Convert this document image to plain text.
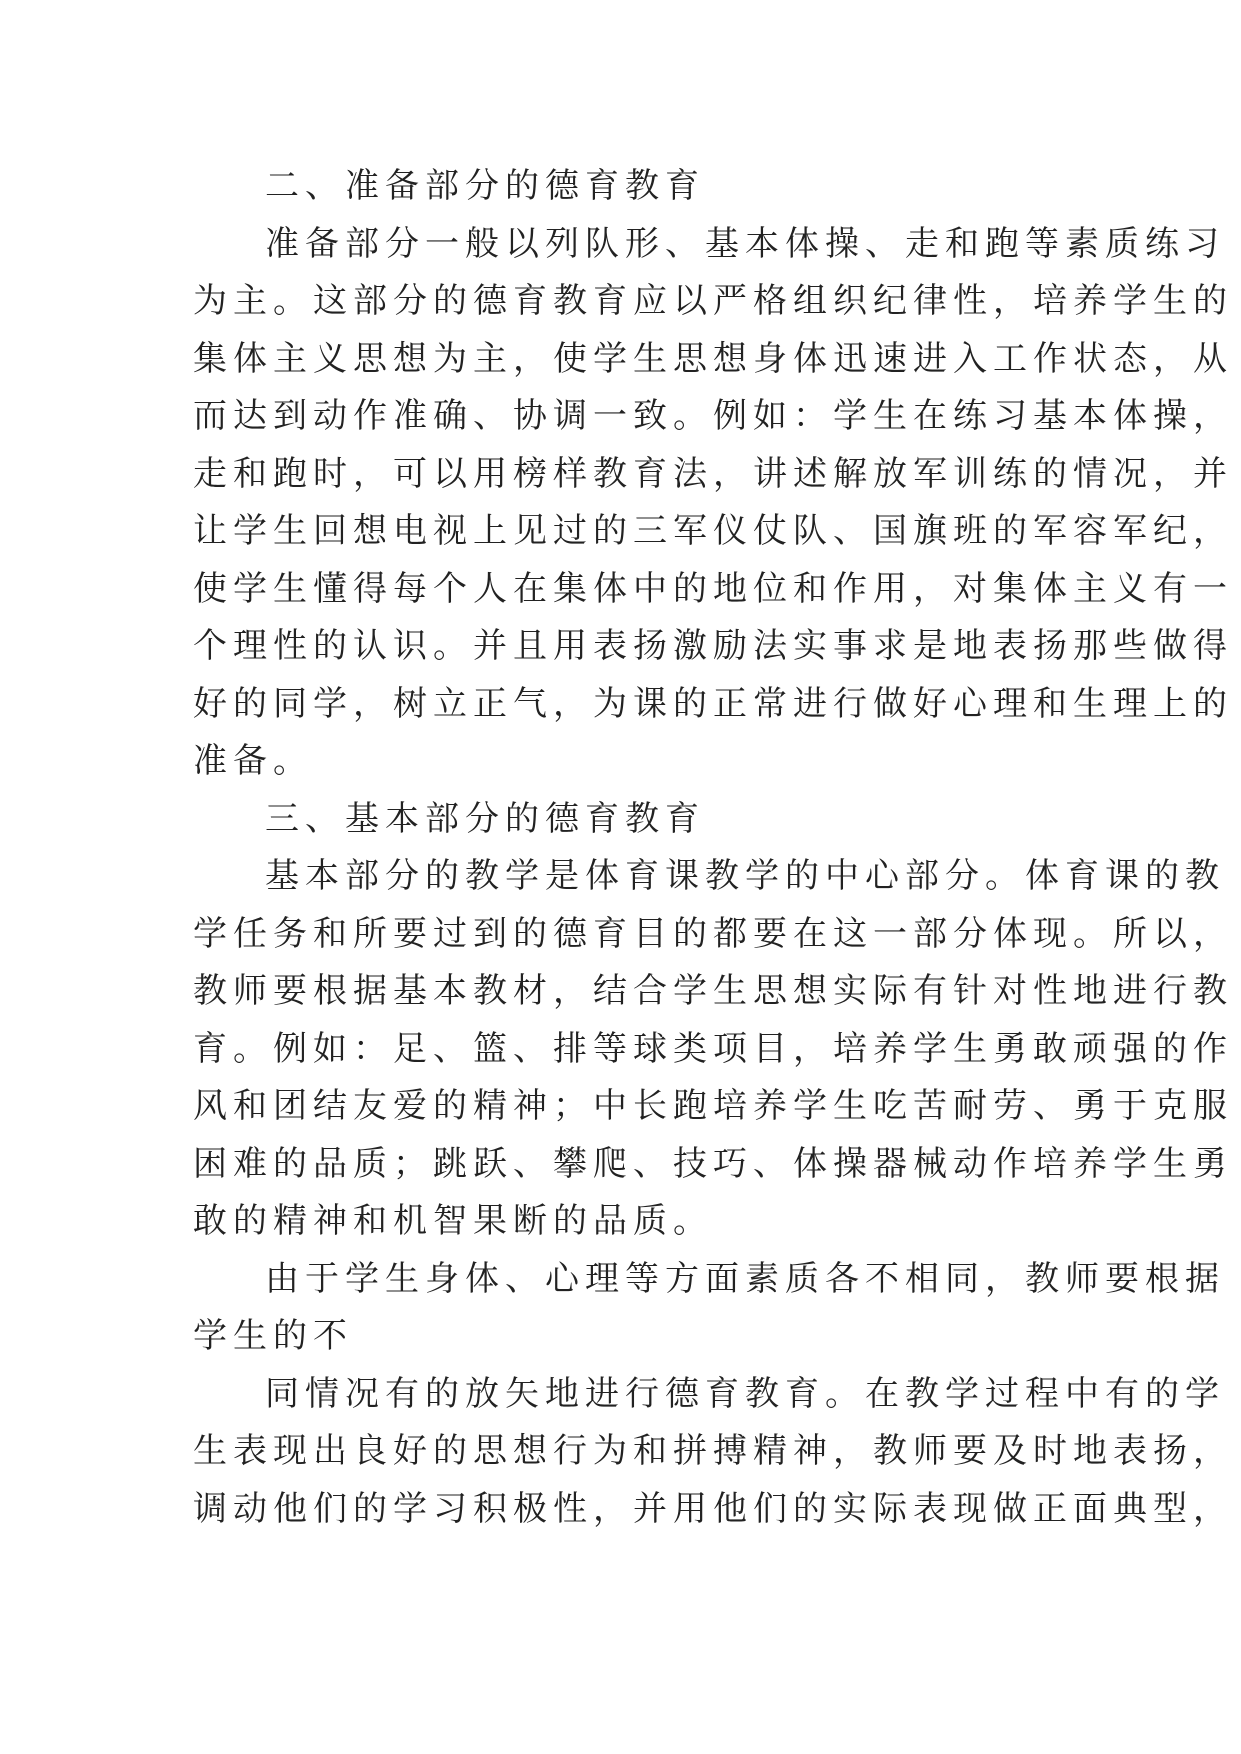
二、准备部分的德育教育
准备部分一般以列队形、基本体操、走和跑等素质练习
为主。这部分的德育教育应以严格组织纪律性，培养学生的
集体主义思想为主，使学生思想身体迅速进入工作状态，从
而达到动作准确、协调一致。例如：学生在练习基本体操，
走和跑时，可以用榜样教育法，讲述解放军训练的情况，并
让学生回想电视上见过的三军仪仗队、国旗班的军容军纪，
使学生懂得每个人在集体中的地位和作用，对集体主义有一
个理性的认识。并且用表扬激励法实事求是地表扬那些做得
好的同学，树立正气，为课的正常进行做好心理和生理上的
准备。
三、基本部分的德育教育
基本部分的教学是体育课教学的中心部分。体育课的教
学任务和所要过到的德育目的都要在这一部分体现。所以，
教师要根据基本教材，结合学生思想实际有针对性地进行教
育。例如：足、篮、排等球类项目，培养学生勇敢顽强的作
风和团结友爱的精神；中长跑培养学生吃苦耐劳、勇于克服
困难的品质；跳跃、攀爬、技巧、体操器械动作培养学生勇
敢的精神和机智果断的品质。
由于学生身体、心理等方面素质各不相同，教师要根据
学生的不
同情况有的放矢地进行德育教育。在教学过程中有的学
生表现出良好的思想行为和拼搏精神，教师要及时地表扬，
调动他们的学习积极性，并用他们的实际表现做正面典型，
